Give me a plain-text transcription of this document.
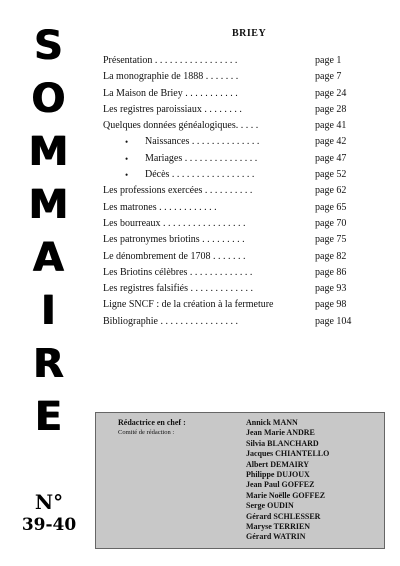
S
O
M
M
A
I
R
E
N°
39-40
BRIEY
Présentation . . . . . . . . . . . . . . . . .	page 1
La monographie de 1888 . . . . . . .	page 7
La Maison de Briey . . . . . . . . . . .	page 24
Les registres paroissiaux . . . . . . . .	page 28
Quelques données généalogiques. . . . .	page 41
• Naissances . . . . . . . . . . . . . .	page 42
• Mariages . . . . . . . . . . . . . . .	page 47
• Décès . . . . . . . . . . . . . . . . .	page 52
Les professions exercées . . . . . . . . . .	page 62
Les matrones . . . . . . . . . . . .	page 65
Les bourreaux . . . . . . . . . . . . . . . . .	page 70
Les patronymes briotins . . . . . . . . .	page 75
Le dénombrement de 1708 . . . . . . .	page 82
Les Briotins célèbres . . . . . . . . . . . . .	page 86
Les registres falsifiés . . . . . . . . . . . . .	page 93
Ligne SNCF : de la création à la fermeture	page 98
Bibliographie . . . . . . . . . . . . . . . .	page 104
Rédactrice en chef :
Comité de rédaction :
Annick MANN
Jean Marie ANDRE
Silvia BLANCHARD
Jacques CHIANTELLO
Albert DEMAIRY
Philippe DUJOUX
Jean Paul GOFFEZ
Marie Noëlle GOFFEZ
Serge OUDIN
Gérard SCHLESSER
Maryse TERRIEN
Gérard WATRIN
